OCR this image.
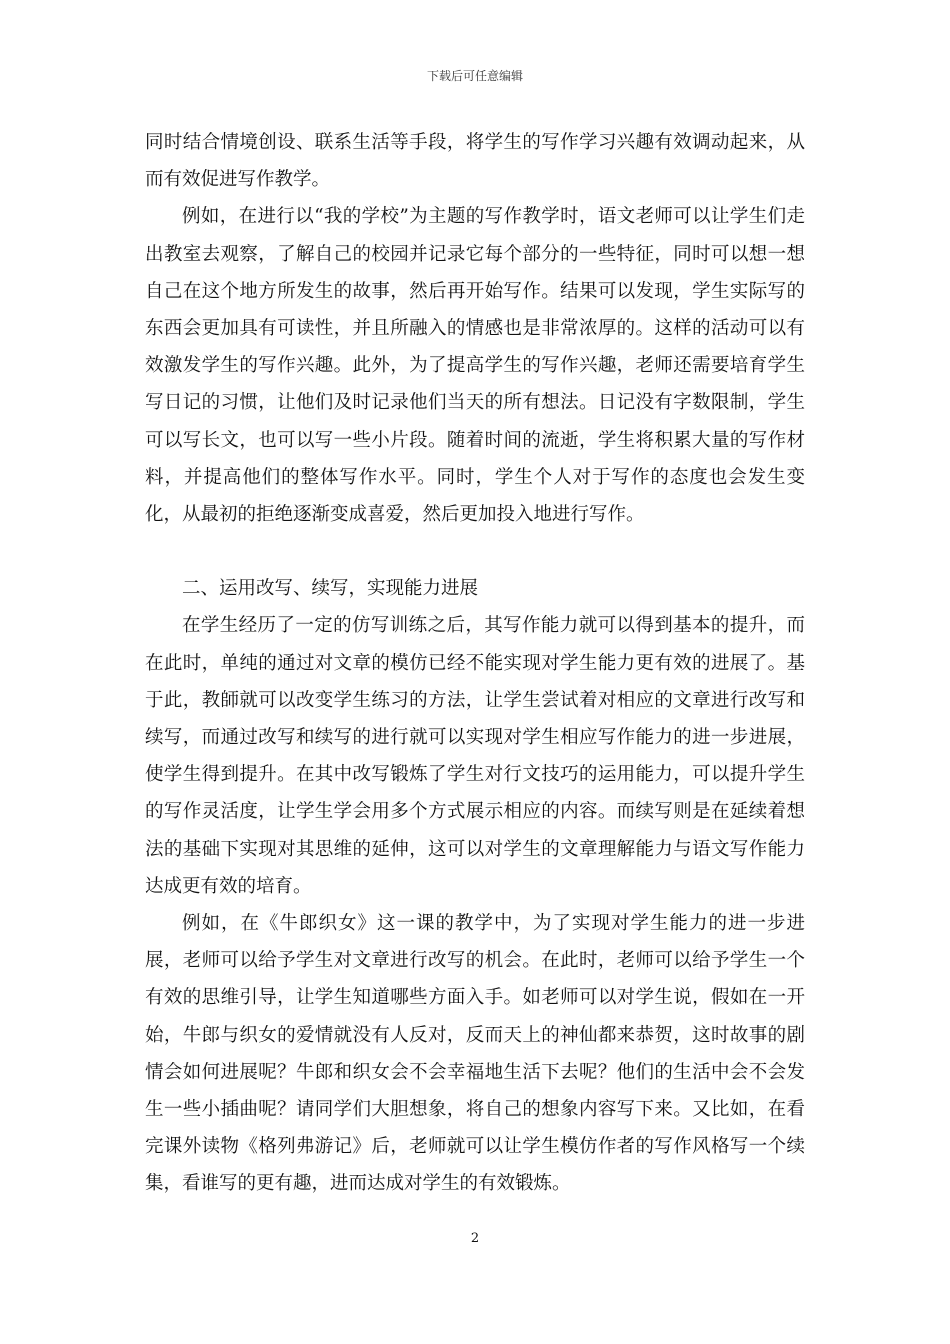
下载后可任意编辑

同时结合情境创设、联系生活等手段，将学生的写作学习兴趣有效调动起来，从而有效促进写作教学。

例如，在进行以“我的学校”为主题的写作教学时，语文老师可以让学生们走出教室去观察，了解自己的校园并记录它每个部分的一些特征，同时可以想一想自己在这个地方所发生的故事，然后再开始写作。结果可以发现，学生实际写的东西会更加具有可读性，并且所融入的情感也是非常浓厚的。这样的活动可以有效激发学生的写作兴趣。此外，为了提高学生的写作兴趣，老师还需要培育学生写日记的习惯，让他们及时记录他们当天的所有想法。日记没有字数限制，学生可以写长文，也可以写一些小片段。随着时间的流逝，学生将积累大量的写作材料，并提高他们的整体写作水平。同时，学生个人对于写作的态度也会发生变化，从最初的拒绝逐渐变成喜爱，然后更加投入地进行写作。

二、运用改写、续写，实现能力进展

在学生经历了一定的仿写训练之后，其写作能力就可以得到基本的提升，而在此时，单纯的通过对文章的模仿已经不能实现对学生能力更有效的进展了。基于此，教師就可以改变学生练习的方法，让学生尝试着对相应的文章进行改写和续写，而通过改写和续写的进行就可以实现对学生相应写作能力的进一步进展，使学生得到提升。在其中改写锻炼了学生对行文技巧的运用能力，可以提升学生的写作灵活度，让学生学会用多个方式展示相应的内容。而续写则是在延续着想法的基础下实现对其思维的延伸，这可以对学生的文章理解能力与语文写作能力达成更有效的培育。

例如，在《牛郎织女》这一课的教学中，为了实现对学生能力的进一步进展，老师可以给予学生对文章进行改写的机会。在此时，老师可以给予学生一个有效的思维引导，让学生知道哪些方面入手。如老师可以对学生说，假如在一开始，牛郎与织女的爱情就没有人反对，反而天上的神仙都来恭贺，这时故事的剧情会如何进展呢？牛郎和织女会不会幸福地生活下去呢？他们的生活中会不会发生一些小插曲呢？请同学们大胆想象，将自己的想象内容写下来。又比如，在看完课外读物《格列弗游记》后，老师就可以让学生模仿作者的写作风格写一个续集，看谁写的更有趣，进而达成对学生的有效锻炼。

2
